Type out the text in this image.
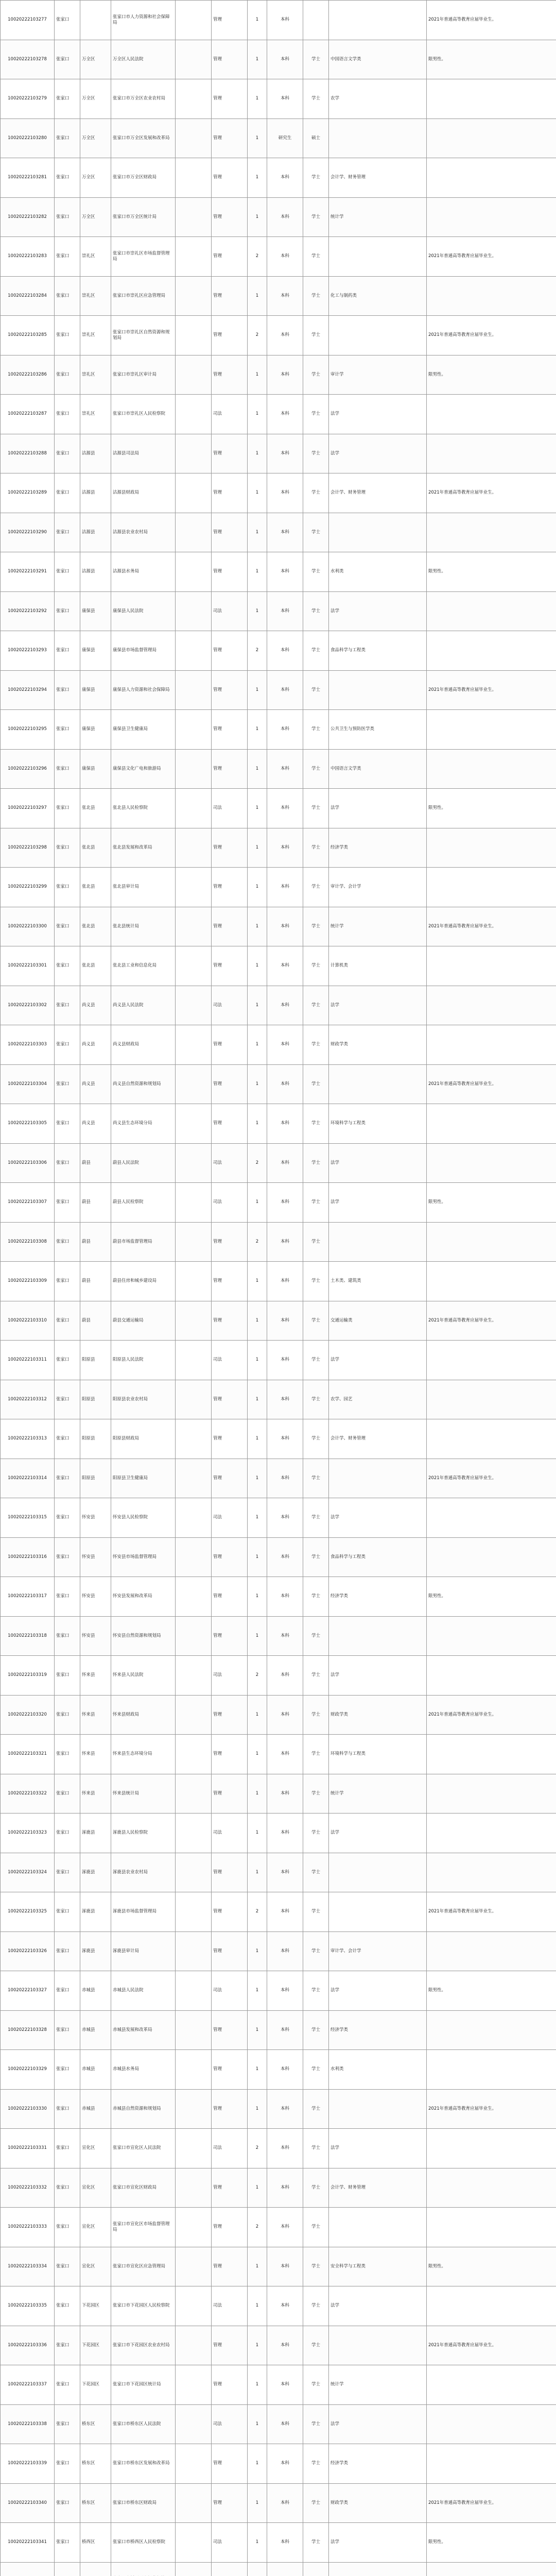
10020222103277	张家口		张家口市人力资源和社会保障局		管理	1	本科			2021年普通高等教育应届毕业生。
10020222103278	张家口	万全区	万全区人民法院		管理	1	本科	学士	中国语言文学类	限男性。
10020222103279	张家口	万全区	张家口市万全区农业农村局		管理	1	本科	学士	农学	
10020222103280	张家口	万全区	张家口市万全区发展和改革局		管理	1	研究生	硕士		
10020222103281	张家口	万全区	张家口市万全区财政局		管理	1	本科	学士	会计学、财务管理	
10020222103282	张家口	万全区	张家口市万全区统计局		管理	1	本科	学士	统计学	
10020222103283	张家口	崇礼区	张家口市崇礼区市场监督管理局		管理	2	本科	学士		2021年普通高等教育应届毕业生。
10020222103284	张家口	崇礼区	张家口市崇礼区应急管理局		管理	1	本科	学士	化工与制药类	
10020222103285	张家口	崇礼区	张家口市崇礼区自然资源和规划局		管理	2	本科	学士		2021年普通高等教育应届毕业生。
10020222103286	张家口	崇礼区	张家口市崇礼区审计局		管理	1	本科	学士	审计学	限男性。
10020222103287	张家口	崇礼区	张家口市崇礼区人民检察院		司法	1	本科	学士	法学	
10020222103288	张家口	沽源县	沽源县司法局		管理	1	本科	学士	法学	
10020222103289	张家口	沽源县	沽源县财政局		管理	1	本科	学士	会计学、财务管理	2021年普通高等教育应届毕业生。
10020222103290	张家口	沽源县	沽源县农业农村局		管理	1	本科	学士		
10020222103291	张家口	沽源县	沽源县水务局		管理	1	本科	学士	水利类	限男性。
10020222103292	张家口	康保县	康保县人民法院		司法	1	本科	学士	法学	
10020222103293	张家口	康保县	康保县市场监督管理局		管理	2	本科	学士	食品科学与工程类	
10020222103294	张家口	康保县	康保县人力资源和社会保障局		管理	1	本科	学士		2021年普通高等教育应届毕业生。
10020222103295	张家口	康保县	康保县卫生健康局		管理	1	本科	学士	公共卫生与预防医学类	
10020222103296	张家口	康保县	康保县文化广电和旅游局		管理	1	本科	学士	中国语言文学类	
10020222103297	张家口	张北县	张北县人民检察院		司法	1	本科	学士	法学	限男性。
10020222103298	张家口	张北县	张北县发展和改革局		管理	1	本科	学士	经济学类	
10020222103299	张家口	张北县	张北县审计局		管理	1	本科	学士	审计学、会计学	
10020222103300	张家口	张北县	张北县统计局		管理	1	本科	学士	统计学	2021年普通高等教育应届毕业生。
10020222103301	张家口	张北县	张北县工业和信息化局		管理	1	本科	学士	计算机类	
10020222103302	张家口	尚义县	尚义县人民法院		司法	1	本科	学士	法学	
10020222103303	张家口	尚义县	尚义县财政局		管理	1	本科	学士	财政学类	
10020222103304	张家口	尚义县	尚义县自然资源和规划局		管理	1	本科	学士		2021年普通高等教育应届毕业生。
10020222103305	张家口	尚义县	尚义县生态环境分局		管理	1	本科	学士	环境科学与工程类	
10020222103306	张家口	蔚县	蔚县人民法院		司法	2	本科	学士	法学	
10020222103307	张家口	蔚县	蔚县人民检察院		司法	1	本科	学士	法学	限男性。
10020222103308	张家口	蔚县	蔚县市场监督管理局		管理	2	本科	学士		
10020222103309	张家口	蔚县	蔚县住房和城乡建设局		管理	1	本科	学士	土木类、建筑类	
10020222103310	张家口	蔚县	蔚县交通运输局		管理	1	本科	学士	交通运输类	2021年普通高等教育应届毕业生。
10020222103311	张家口	阳原县	阳原县人民法院		司法	1	本科	学士	法学	
10020222103312	张家口	阳原县	阳原县农业农村局		管理	1	本科	学士	农学、园艺	
10020222103313	张家口	阳原县	阳原县财政局		管理	1	本科	学士	会计学、财务管理	
10020222103314	张家口	阳原县	阳原县卫生健康局		管理	1	本科	学士		2021年普通高等教育应届毕业生。
10020222103315	张家口	怀安县	怀安县人民检察院		司法	1	本科	学士	法学	
10020222103316	张家口	怀安县	怀安县市场监督管理局		管理	1	本科	学士	食品科学与工程类	
10020222103317	张家口	怀安县	怀安县发展和改革局		管理	1	本科	学士	经济学类	限男性。
10020222103318	张家口	怀安县	怀安县自然资源和规划局		管理	1	本科	学士		
10020222103319	张家口	怀来县	怀来县人民法院		司法	2	本科	学士	法学	
10020222103320	张家口	怀来县	怀来县财政局		管理	1	本科	学士	财政学类	2021年普通高等教育应届毕业生。
10020222103321	张家口	怀来县	怀来县生态环境分局		管理	1	本科	学士	环境科学与工程类	
10020222103322	张家口	怀来县	怀来县统计局		管理	1	本科	学士	统计学	
10020222103323	张家口	涿鹿县	涿鹿县人民检察院		司法	1	本科	学士	法学	
10020222103324	张家口	涿鹿县	涿鹿县农业农村局		管理	1	本科	学士		
10020222103325	张家口	涿鹿县	涿鹿县市场监督管理局		管理	2	本科	学士		2021年普通高等教育应届毕业生。
10020222103326	张家口	涿鹿县	涿鹿县审计局		管理	1	本科	学士	审计学、会计学	
10020222103327	张家口	赤城县	赤城县人民法院		司法	1	本科	学士	法学	限男性。
10020222103328	张家口	赤城县	赤城县发展和改革局		管理	1	本科	学士	经济学类	
10020222103329	张家口	赤城县	赤城县水务局		管理	1	本科	学士	水利类	
10020222103330	张家口	赤城县	赤城县自然资源和规划局		管理	1	本科	学士		2021年普通高等教育应届毕业生。
10020222103331	张家口	宣化区	张家口市宣化区人民法院		司法	2	本科	学士	法学	
10020222103332	张家口	宣化区	张家口市宣化区财政局		管理	1	本科	学士	会计学、财务管理	
10020222103333	张家口	宣化区	张家口市宣化区市场监督管理局		管理	2	本科	学士		
10020222103334	张家口	宣化区	张家口市宣化区应急管理局		管理	1	本科	学士	安全科学与工程类	限男性。
10020222103335	张家口	下花园区	张家口市下花园区人民检察院		司法	1	本科	学士	法学	
10020222103336	张家口	下花园区	张家口市下花园区农业农村局		管理	1	本科	学士		2021年普通高等教育应届毕业生。
10020222103337	张家口	下花园区	张家口市下花园区统计局		管理	1	本科	学士	统计学	
10020222103338	张家口	桥东区	张家口市桥东区人民法院		司法	1	本科	学士	法学	
10020222103339	张家口	桥东区	张家口市桥东区发展和改革局		管理	1	本科	学士	经济学类	
10020222103340	张家口	桥东区	张家口市桥东区财政局		管理	1	本科	学士	财政学类	2021年普通高等教育应届毕业生。
10020222103341	张家口	桥西区	张家口市桥西区人民检察院		司法	1	本科	学士	法学	限男性。
